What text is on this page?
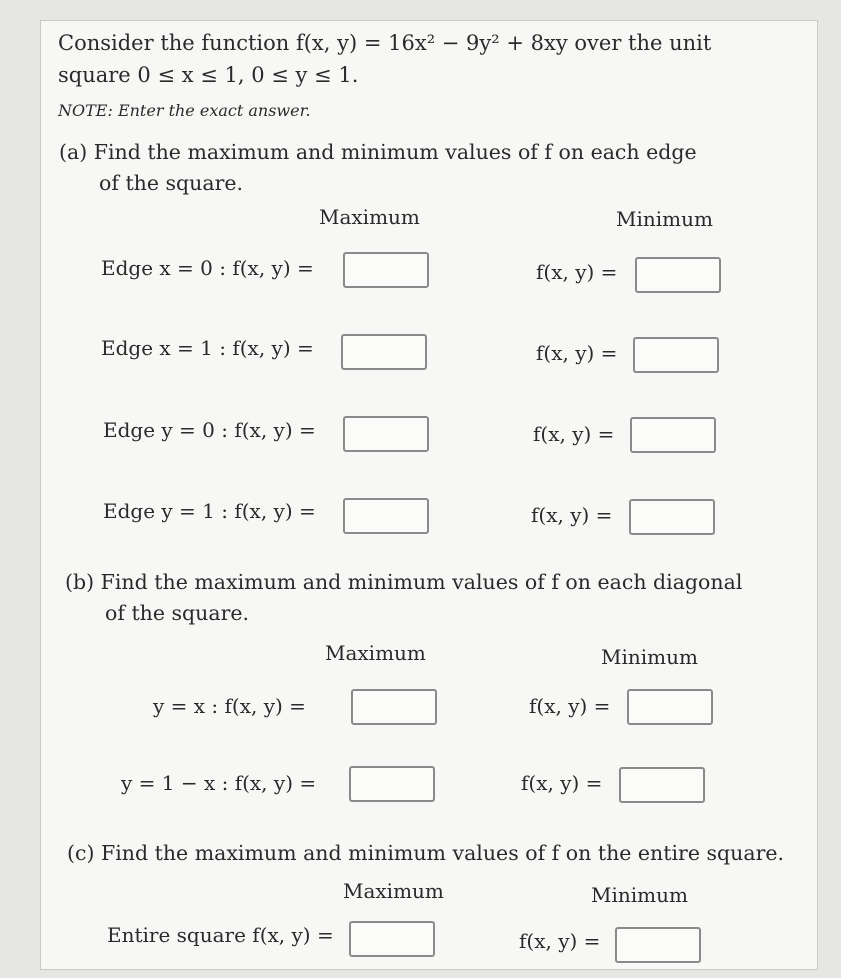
Consider the function f(x, y) = 16x² − 9y² + 8xy over the unit
square 0 ≤ x ≤ 1, 0 ≤ y ≤ 1.
NOTE: Enter the exact answer.
(a) Find the maximum and minimum values of f on each edge
of the square.
Maximum	Minimum
Edge x = 0 : f(x, y) =	f(x, y) =
Edge x = 1 : f(x, y) =	f(x, y) =
Edge y = 0 : f(x, y) =	f(x, y) =
Edge y = 1 : f(x, y) =	f(x, y) =
(b) Find the maximum and minimum values of f on each diagonal
of the square.
Maximum	Minimum
y = x : f(x, y) =	f(x, y) =
y = 1 − x : f(x, y) =	f(x, y) =
(c) Find the maximum and minimum values of f on the entire square.
Maximum	Minimum
Entire square f(x, y) =	f(x, y) =
